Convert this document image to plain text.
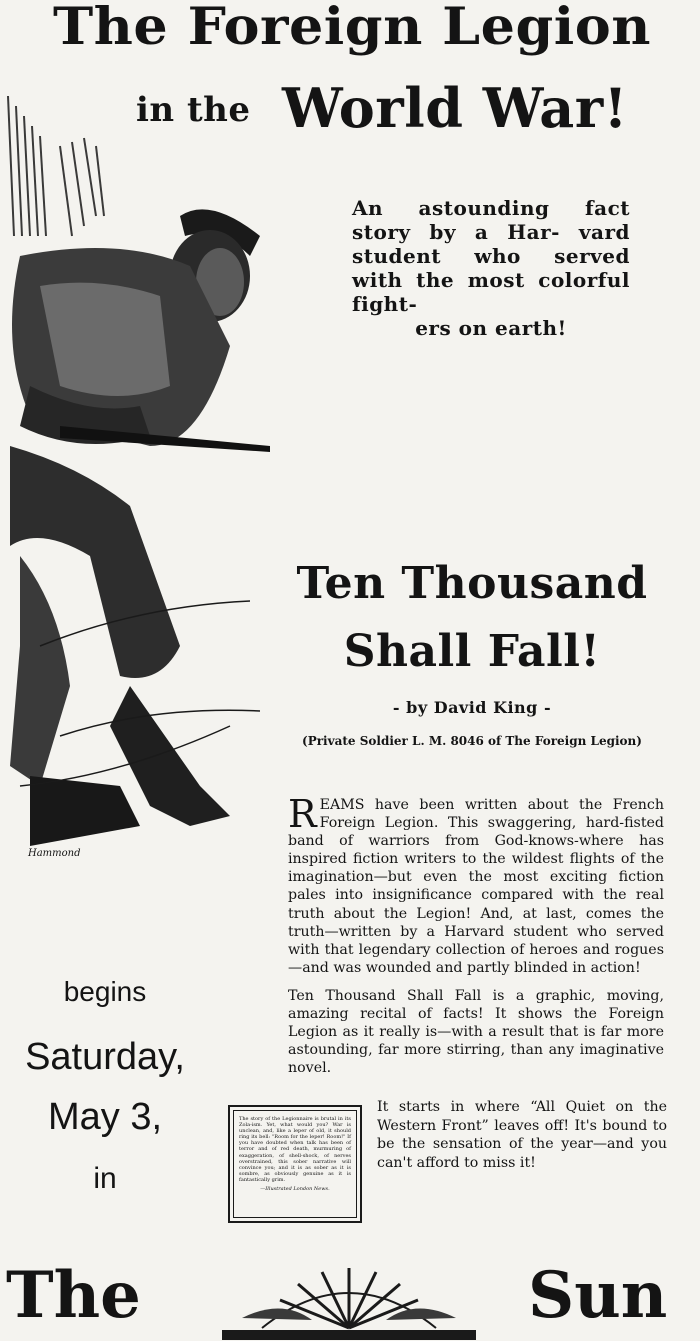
Hammond
The Foreign Legion
in the World War!
An astounding fact story by a Har- vard student who served with the most colorful fight-
ers on earth!
Ten Thousand
Shall Fall!
- by David King -
(Private Soldier L. M. 8046 of The Foreign Legion)

R EAMS have been written about the French Foreign Legion. This swaggering, hard-fisted band of warriors from God-knows-where has inspired fiction writers to the wildest flights of the imagination—but even the most exciting fiction pales into insignificance compared with the real truth about the Legion! And, at last, comes the truth—written by a Harvard student who served with that legendary collection of heroes and rogues—and was wounded and partly blinded in action!

Ten Thousand Shall Fall is a graphic, moving, amazing recital of facts! It shows the Foreign Legion as it really is—with a result that is far more astounding, far more stirring, than any imaginative novel.

begins
Saturday,
May 3,
in
The story of the Legionnaire is brutal in its Zola-ism. Yet, what would you? War is unclean, and, like a leper of old, it should ring its bell: "Room for the leper! Room!" If you have doubted when talk has been of terror and of red death, murmuring of exaggeration, of shell-shock, of nerves overstrained, this sober narrative will convince you; and it is as sober as it is sombre, as obviously genuine as it is fantastically grim.
—Illustrated London News.
It starts in where “All Quiet on the Western Front” leaves off! It's bound to be the sensation of the year—and you can't afford to miss it!
The	Sun
